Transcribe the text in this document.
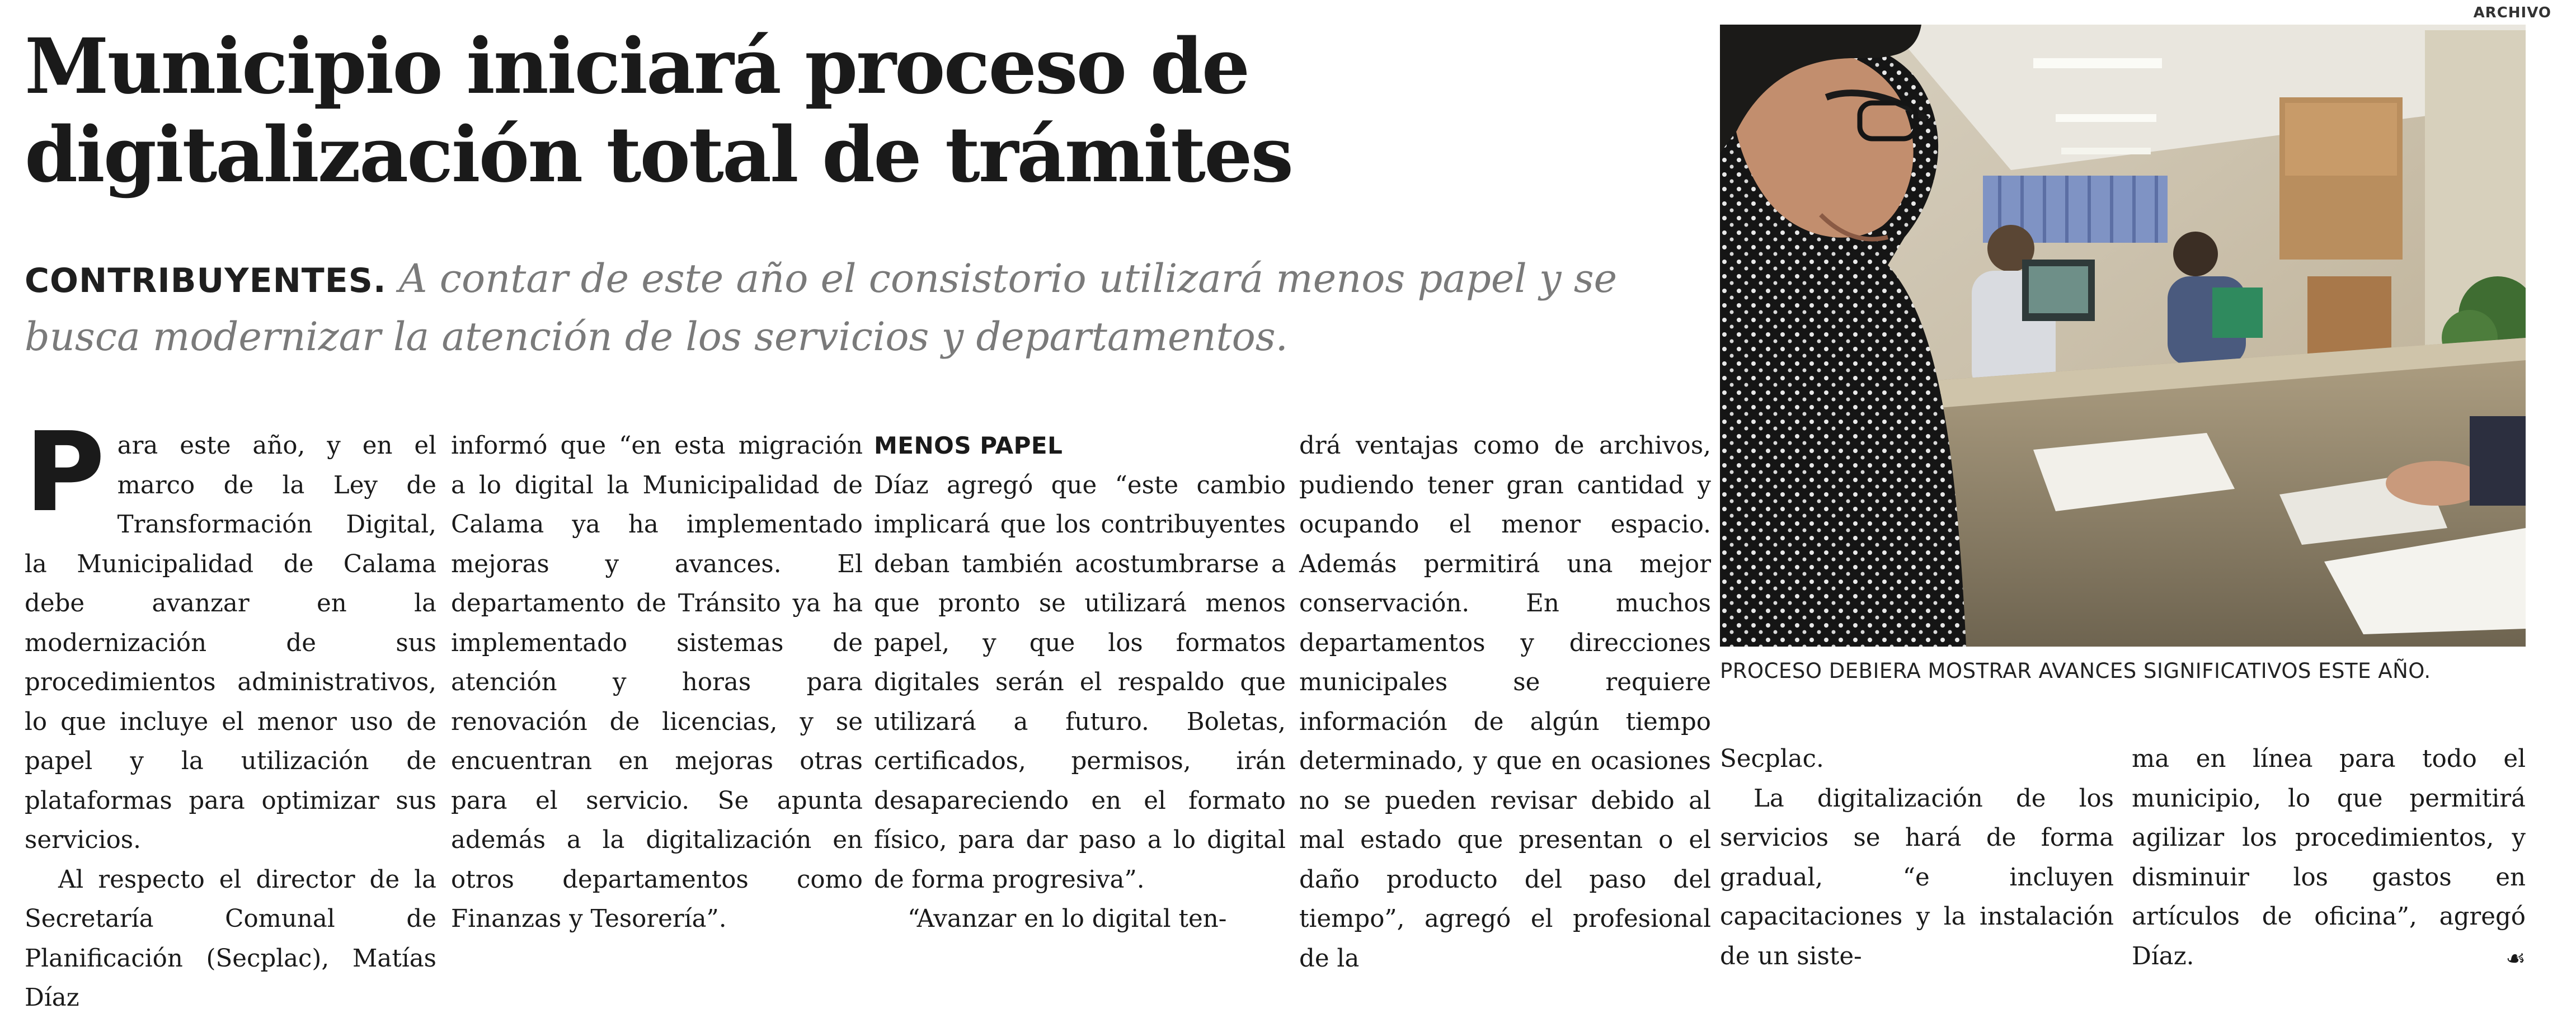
Municipio iniciará proceso de
digitalización total de trámites
CONTRIBUYENTES. A contar de este año el consistorio utilizará menos papel y se busca modernizar la atención de los servicios y departamentos.

Para este año, y en el marco de la Ley de Transformación Digital, la Municipalidad de Calama debe avanzar en la modernización de sus procedimientos administrativos, lo que incluye el menor uso de papel y la utilización de plataformas para optimizar sus servicios.

Al respecto el director de la Secretaría Comunal de Planificación (Secplac), Matías Díaz

informó que “en esta migración a lo digital la Municipalidad de Calama ya ha implementado mejoras y avances. El departamento de Tránsito ya ha implementado sistemas de atención y horas para renovación de licencias, y se encuentran en mejoras otras para el servicio. Se apunta además a la digitalización en otros departamentos como Finanzas y Tesorería”.

MENOS PAPEL

Díaz agregó que “este cambio implicará que los contribuyentes deban también acostumbrarse a que pronto se utilizará menos papel, y que los formatos digitales serán el respaldo que utilizará a futuro. Boletas, certificados, permisos, irán desapareciendo en el formato físico, para dar paso a lo digital de forma progresiva”.

“Avanzar en lo digital ten-

drá ventajas como de archivos, pudiendo tener gran cantidad y ocupando el menor espacio. Además permitirá una mejor conservación. En muchos departamentos y direcciones municipales se requiere información de algún tiempo determinado, y que en ocasiones no se pueden revisar debido al mal estado que presentan o el daño producto del paso del tiempo”, agregó el profesional de la

ARCHIVO
PROCESO DEBIERA MOSTRAR AVANCES SIGNIFICATIVOS ESTE AÑO.

Secplac.

La digitalización de los servicios se hará de forma gradual, “e incluyen capacitaciones y la instalación de un siste-

ma en línea para todo el municipio, lo que permitirá agilizar los procedimientos, y disminuir los gastos en artículos de oficina”, agregó Díaz.	☙
